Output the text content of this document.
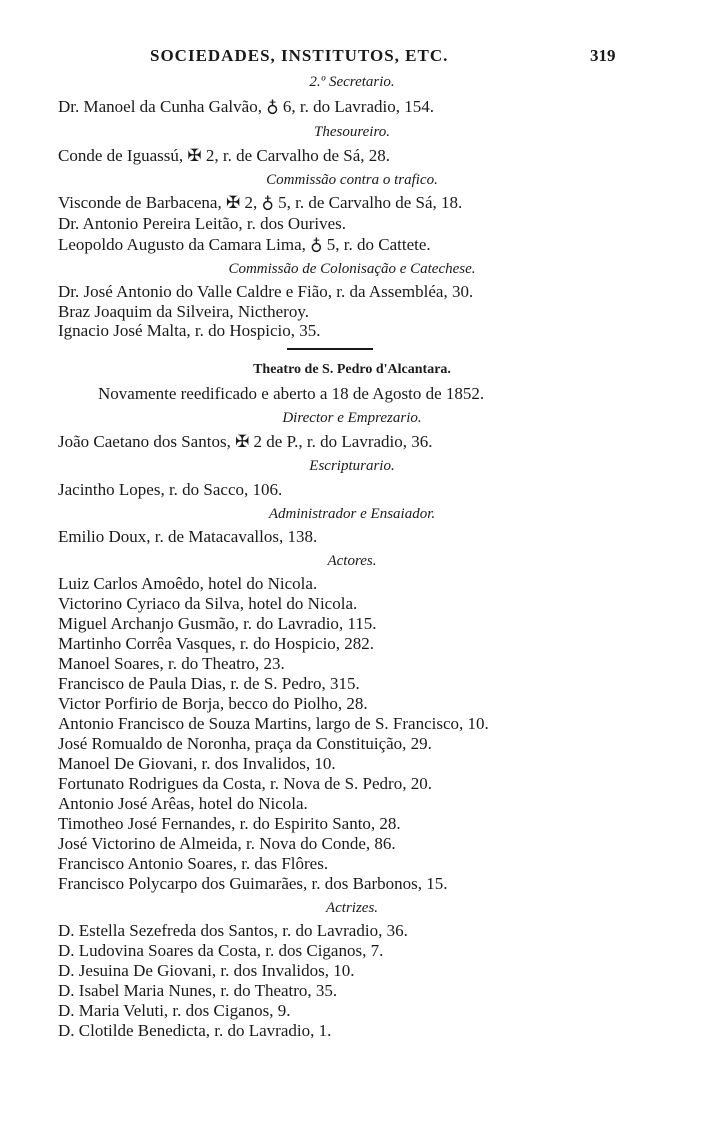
SOCIEDADES, INSTITUTOS, ETC.	319
2.º Secretario.
Dr. Manoel da Cunha Galvão, ♁ 6, r. do Lavradio, 154.
Thesoureiro.
Conde de Iguassú, ✠ 2, r. de Carvalho de Sá, 28.
Commissão contra o trafico.
Visconde de Barbacena, ✠ 2, ♁ 5, r. de Carvalho de Sá, 18.
Dr. Antonio Pereira Leitão, r. dos Ourives.
Leopoldo Augusto da Camara Lima, ♁ 5, r. do Cattete.
Commissão de Colonisação e Catechese.
Dr. José Antonio do Valle Caldre e Fião, r. da Assembléa, 30.
Braz Joaquim da Silveira, Nictheroy.
Ignacio José Malta, r. do Hospicio, 35.
Theatro de S. Pedro d'Alcantara.
Novamente reedificado e aberto a 18 de Agosto de 1852.
Director e Emprezario.
João Caetano dos Santos, ✠ 2 de P., r. do Lavradio, 36.
Escripturario.
Jacintho Lopes, r. do Sacco, 106.
Administrador e Ensaiador.
Emilio Doux, r. de Matacavallos, 138.
Actores.
Luiz Carlos Amoêdo, hotel do Nicola.
Victorino Cyriaco da Silva, hotel do Nicola.
Miguel Archanjo Gusmão, r. do Lavradio, 115.
Martinho Corrêa Vasques, r. do Hospicio, 282.
Manoel Soares, r. do Theatro, 23.
Francisco de Paula Dias, r. de S. Pedro, 315.
Victor Porfirio de Borja, becco do Piolho, 28.
Antonio Francisco de Souza Martins, largo de S. Francisco, 10.
José Romualdo de Noronha, praça da Constituição, 29.
Manoel De Giovani, r. dos Invalidos, 10.
Fortunato Rodrigues da Costa, r. Nova de S. Pedro, 20.
Antonio José Arêas, hotel do Nicola.
Timotheo José Fernandes, r. do Espirito Santo, 28.
José Victorino de Almeida, r. Nova do Conde, 86.
Francisco Antonio Soares, r. das Flôres.
Francisco Polycarpo dos Guimarães, r. dos Barbonos, 15.
Actrizes.
D. Estella Sezefreda dos Santos, r. do Lavradio, 36.
D. Ludovina Soares da Costa, r. dos Ciganos, 7.
D. Jesuina De Giovani, r. dos Invalidos, 10.
D. Isabel Maria Nunes, r. do Theatro, 35.
D. Maria Veluti, r. dos Ciganos, 9.
D. Clotilde Benedicta, r. do Lavradio, 1.
